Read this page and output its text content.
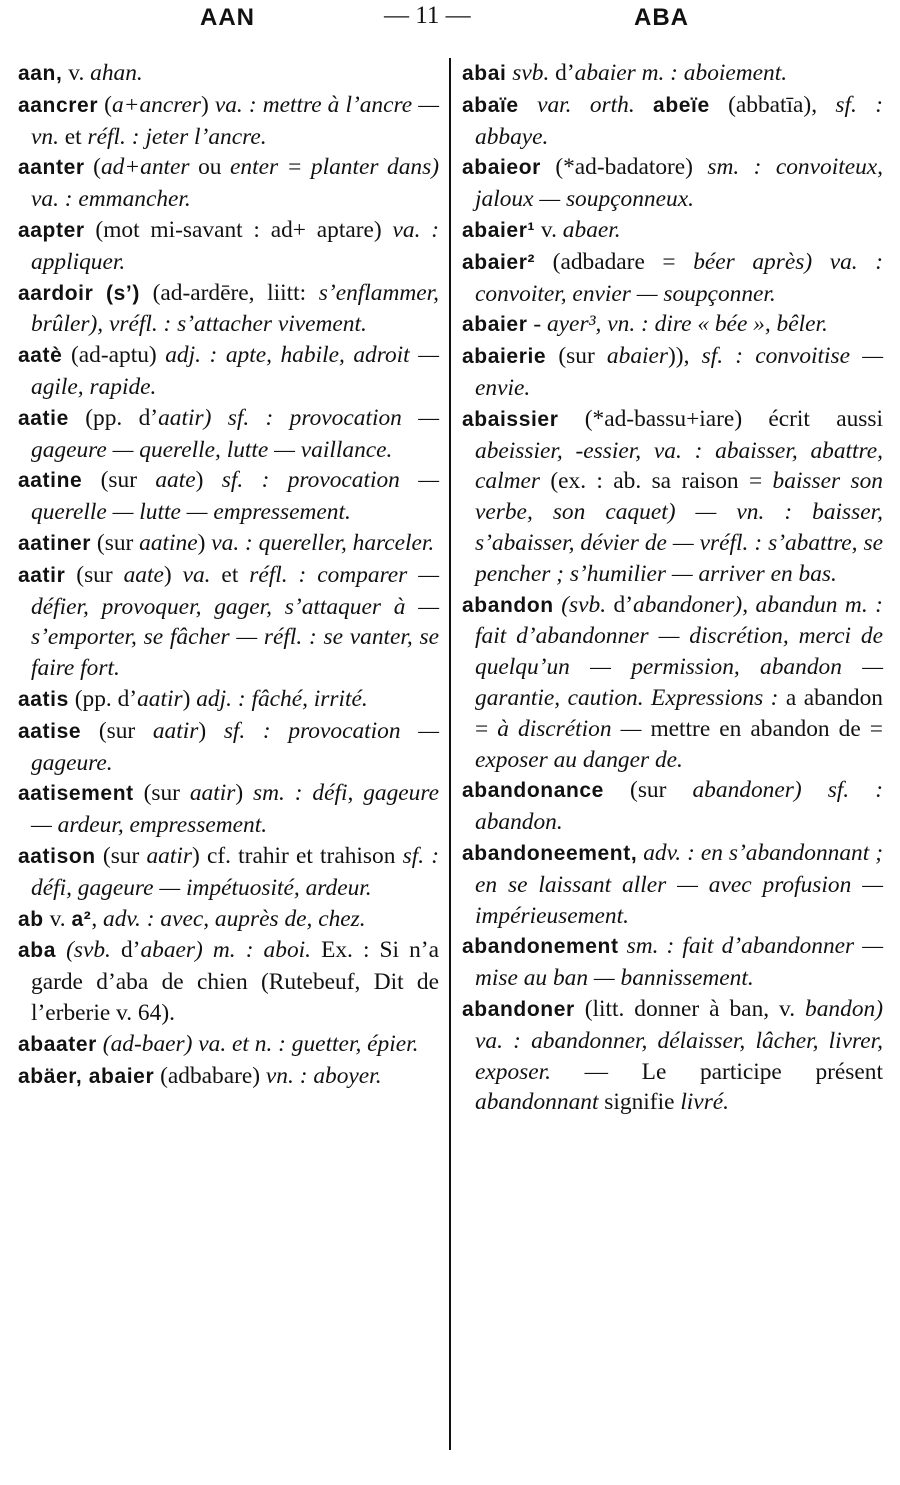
AAN	— 11 —	ABA
aan, v. ahan.
aancrer (a+ancrer) va. : mettre à l’ancre — vn. et réfl. : jeter l’ancre.
aanter (ad+anter ou enter = planter dans) va. : emmancher.
aapter (mot mi-savant : ad+ aptare) va. : appliquer.
aardoir (s’) (ad-ardēre, liitt: s’enflammer, brûler), vréfl. : s’attacher vivement.
aatè (ad-aptu) adj. : apte, habile, adroit — agile, rapide.
aatie (pp. d’aatir) sf. : provocation — gageure — querelle, lutte — vaillance.
aatine (sur aate) sf. : provocation — querelle — lutte — empressement.
aatiner (sur aatine) va. : quereller, harceler.
aatir (sur aate) va. et réfl. : comparer — défier, provoquer, gager, s’attaquer à — s’emporter, se fâcher — réfl. : se vanter, se faire fort.
aatis (pp. d’aatir) adj. : fâché, irrité.
aatise (sur aatir) sf. : provocation — gageure.
aatisement (sur aatir) sm. : défi, gageure — ardeur, empressement.
aatison (sur aatir) cf. trahir et trahison sf. : défi, gageure — impétuosité, ardeur.
ab v. a², adv. : avec, auprès de, chez.
aba (svb. d’abaer) m. : aboi. Ex. : Si n’a garde d’aba de chien (Rutebeuf, Dit de l’erberie v. 64).
abaater (ad-baer) va. et n. : guetter, épier.
abäer, abaier (adbabare) vn. : aboyer.
abai svb. d’abaier m. : aboiement.
abaïe var. orth. abeïe (abbatīa), sf. : abbaye.
abaieor (*ad-badatore) sm. : convoiteux, jaloux — soupçonneux.
abaier¹ v. abaer.
abaier² (adbadare = béer après) va. : convoiter, envier — soupçonner.
abaier - ayer³, vn. : dire « bée », bêler.
abaierie (sur abaier)), sf. : convoitise — envie.
abaissier (*ad-bassu+iare) écrit aussi abeissier, -essier, va. : abaisser, abattre, calmer (ex. : ab. sa raison = baisser son verbe, son caquet) — vn. : baisser, s’abaisser, dévier de — vréfl. : s’abattre, se pencher ; s’humilier — arriver en bas.
abandon (svb. d’abandoner), abandun m. : fait d’abandonner — discrétion, merci de quelqu’un — permission, abandon — garantie, caution. Expressions : a abandon = à discrétion — mettre en abandon de = exposer au danger de.
abandonance (sur abandoner) sf. : abandon.
abandoneement, adv. : en s’abandonnant ; en se laissant aller — avec profusion — impérieusement.
abandonement sm. : fait d’abandonner — mise au ban — bannissement.
abandoner (litt. donner à ban, v. bandon) va. : abandonner, délaisser, lâcher, livrer, exposer. — Le participe présent abandonnant signifie livré.
